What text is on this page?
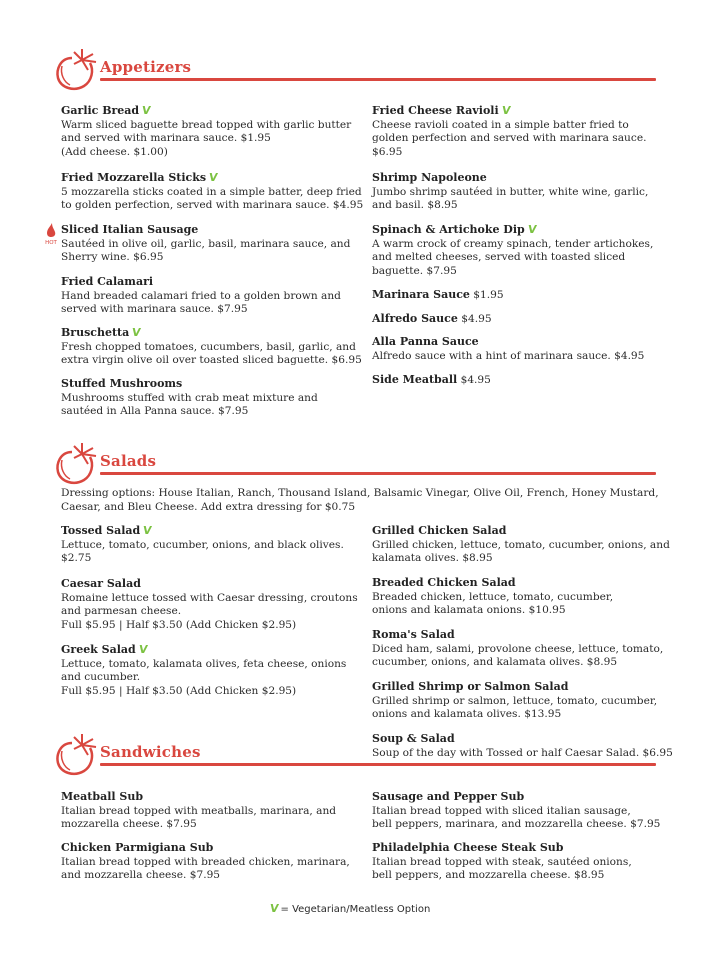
Appetizers
Garlic Bread V
Warm sliced baguette bread topped with garlic butter
and served with marinara sauce. $1.95
(Add cheese. $1.00)
Fried Mozzarella Sticks V
5 mozzarella sticks coated in a simple batter, deep fried
to golden perfection, served with marinara sauce. $4.95
HOT
Sliced Italian Sausage
Sautéed in olive oil, garlic, basil, marinara sauce, and
Sherry wine. $6.95
Fried Calamari
Hand breaded calamari fried to a golden brown and
served with marinara sauce. $7.95
Bruschetta V
Fresh chopped tomatoes, cucumbers, basil, garlic, and
extra virgin olive oil over toasted sliced baguette. $6.95
Stuffed Mushrooms
Mushrooms stuffed with crab meat mixture and
sautéed in Alla Panna sauce. $7.95
Fried Cheese Ravioli V
Cheese ravioli coated in a simple batter fried to
golden perfection and served with marinara sauce.
$6.95
Shrimp Napoleone
Jumbo shrimp sautéed in butter, white wine, garlic,
and basil. $8.95
Spinach & Artichoke Dip V
A warm crock of creamy spinach, tender artichokes,
and melted cheeses, served with toasted sliced
baguette. $7.95
Marinara Sauce $1.95
Alfredo Sauce $4.95
Alla Panna Sauce
Alfredo sauce with a hint of marinara sauce. $4.95
Side Meatball $4.95
Salads
Dressing options: House Italian, Ranch, Thousand Island, Balsamic Vinegar, Olive Oil, French, Honey Mustard,
Caesar, and Bleu Cheese. Add extra dressing for $0.75
Tossed Salad V
Lettuce, tomato, cucumber, onions, and black olives.
$2.75
Caesar Salad
Romaine lettuce tossed with Caesar dressing, croutons
and parmesan cheese.
Full $5.95 | Half $3.50 (Add Chicken $2.95)
Greek Salad V
Lettuce, tomato, kalamata olives, feta cheese, onions
and cucumber.
Full $5.95 | Half $3.50 (Add Chicken $2.95)
Grilled Chicken Salad
Grilled chicken, lettuce, tomato, cucumber, onions, and
kalamata olives. $8.95
Breaded Chicken Salad
Breaded chicken, lettuce, tomato, cucumber,
onions and kalamata onions. $10.95
Roma's Salad
Diced ham, salami, provolone cheese, lettuce, tomato,
cucumber, onions, and kalamata olives. $8.95
Grilled Shrimp or Salmon Salad
Grilled shrimp or salmon, lettuce, tomato, cucumber,
onions and kalamata olives. $13.95
Soup & Salad
Soup of the day with Tossed or half Caesar Salad. $6.95
Sandwiches
Meatball Sub
Italian bread topped with meatballs, marinara, and
mozzarella cheese. $7.95
Chicken Parmigiana Sub
Italian bread topped with breaded chicken, marinara,
and mozzarella cheese. $7.95
Sausage and Pepper Sub
Italian bread topped with sliced italian sausage,
bell peppers, marinara, and mozzarella cheese. $7.95
Philadelphia Cheese Steak Sub
Italian bread topped with steak, sautéed onions,
bell peppers, and mozzarella cheese. $8.95
V= Vegetarian/Meatless Option
